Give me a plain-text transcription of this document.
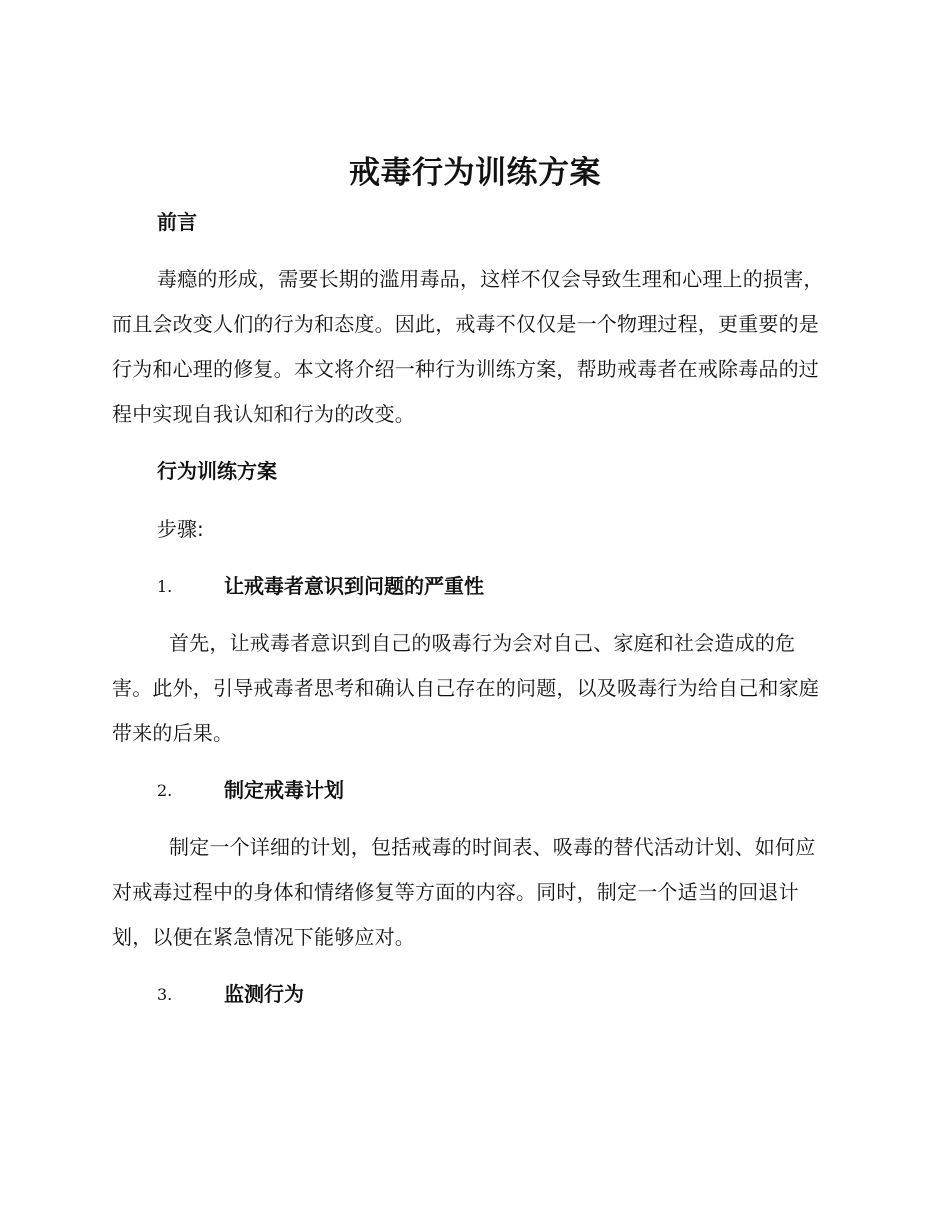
戒毒行为训练方案
前言

毒瘾的形成，需要长期的滥用毒品，这样不仅会导致生理和心理上的损害，而且会改变人们的行为和态度。因此，戒毒不仅仅是一个物理过程，更重要的是行为和心理的修复。本文将介绍一种行为训练方案，帮助戒毒者在戒除毒品的过程中实现自我认知和行为的改变。

行为训练方案

步骤:

1.	让戒毒者意识到问题的严重性

首先，让戒毒者意识到自己的吸毒行为会对自己、家庭和社会造成的危害。此外，引导戒毒者思考和确认自己存在的问题，以及吸毒行为给自己和家庭带来的后果。

2.	制定戒毒计划

制定一个详细的计划，包括戒毒的时间表、吸毒的替代活动计划、如何应对戒毒过程中的身体和情绪修复等方面的内容。同时，制定一个适当的回退计划，以便在紧急情况下能够应对。

3.	监测行为
